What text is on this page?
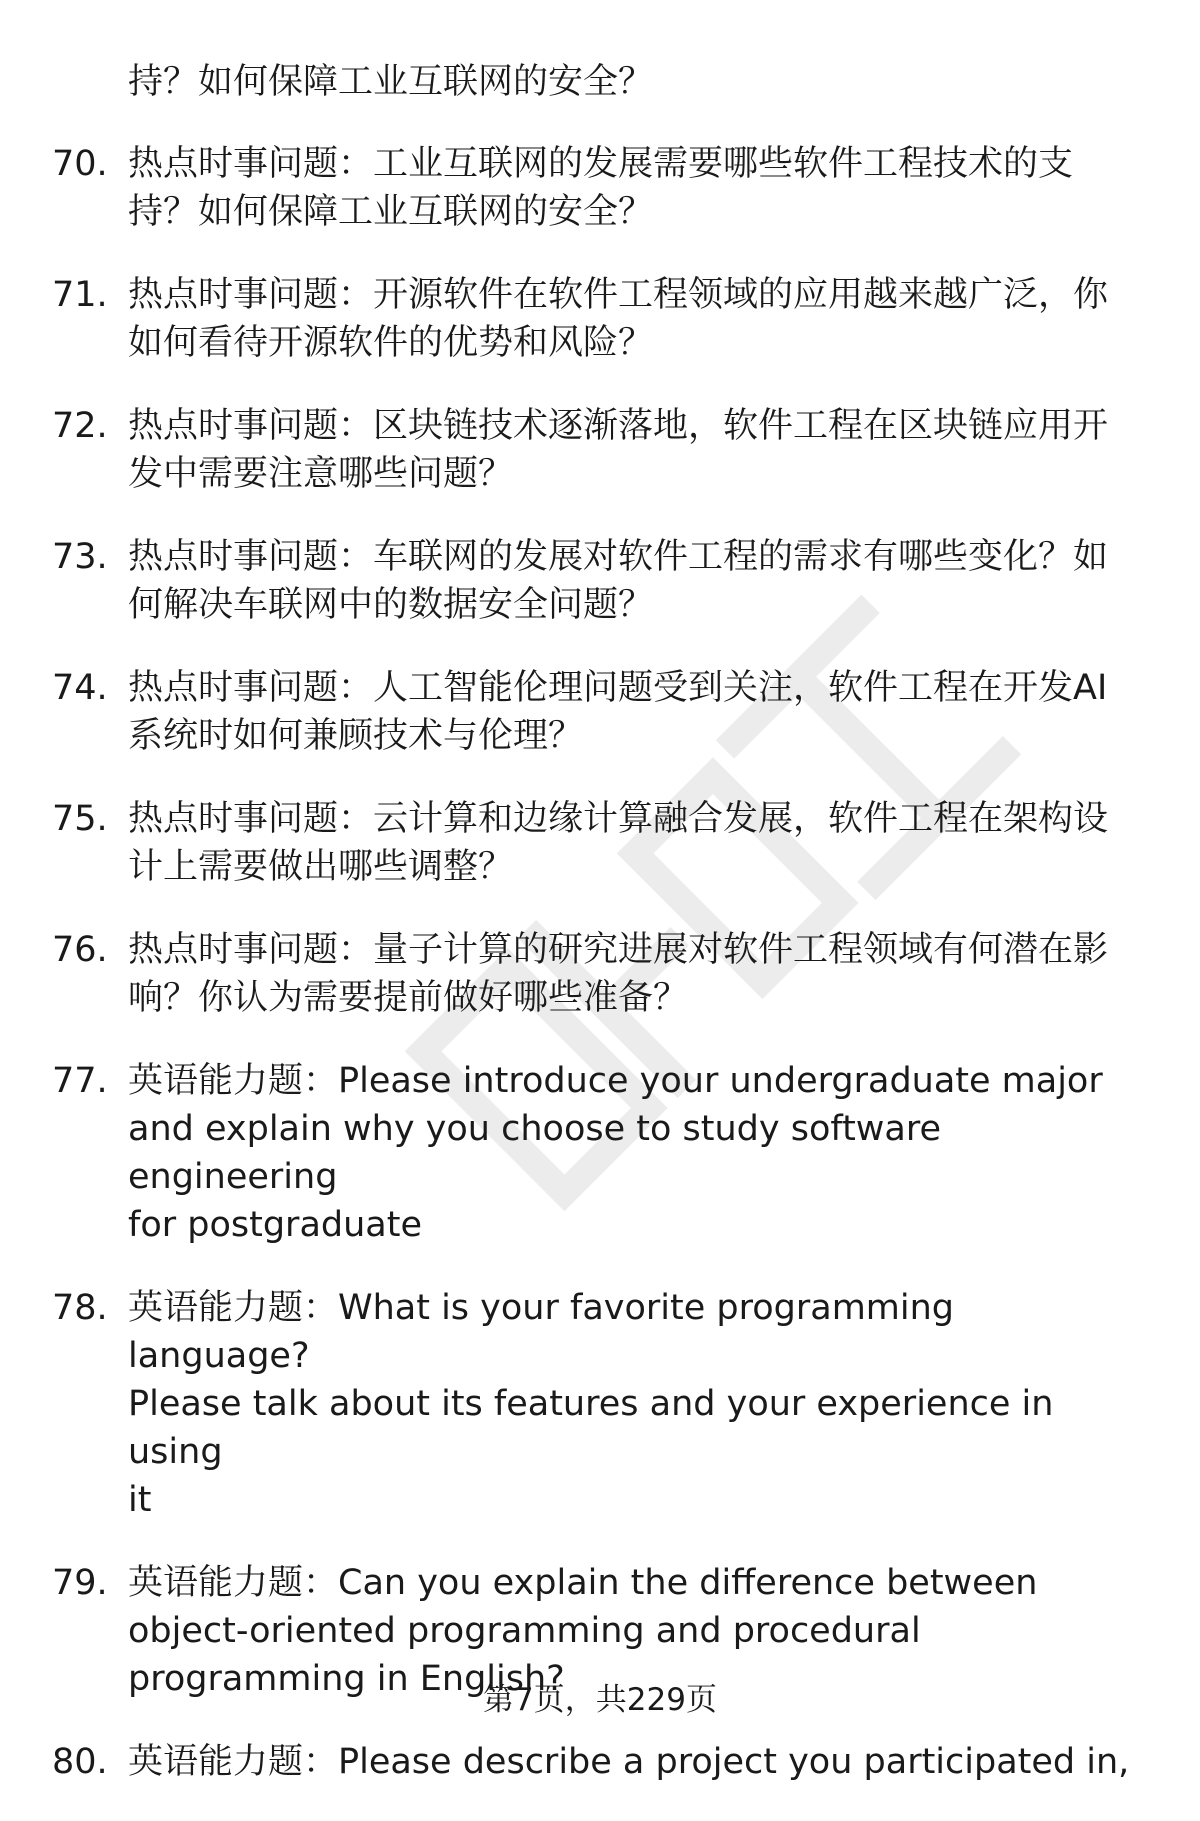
持？如何保障工业互联网的安全？
70. 热点时事问题：工业互联网的发展需要哪些软件工程技术的支
持？如何保障工业互联网的安全？
71. 热点时事问题：开源软件在软件工程领域的应用越来越广泛，你
如何看待开源软件的优势和风险？
72. 热点时事问题：区块链技术逐渐落地，软件工程在区块链应用开
发中需要注意哪些问题？
73. 热点时事问题：车联网的发展对软件工程的需求有哪些变化？如
何解决车联网中的数据安全问题？
74. 热点时事问题：人工智能伦理问题受到关注，软件工程在开发AI
系统时如何兼顾技术与伦理？
75. 热点时事问题：云计算和边缘计算融合发展，软件工程在架构设
计上需要做出哪些调整？
76. 热点时事问题：量子计算的研究进展对软件工程领域有何潜在影
响？你认为需要提前做好哪些准备？
77. 英语能力题：Please introduce your undergraduate major
and explain why you choose to study software engineering
for postgraduate
78. 英语能力题：What is your favorite programming language?
Please talk about its features and your experience in using
it
79. 英语能力题：Can you explain the difference between
object-oriented programming and procedural
programming in English?
80. 英语能力题：Please describe a project you participated in,
第7页，共229页
